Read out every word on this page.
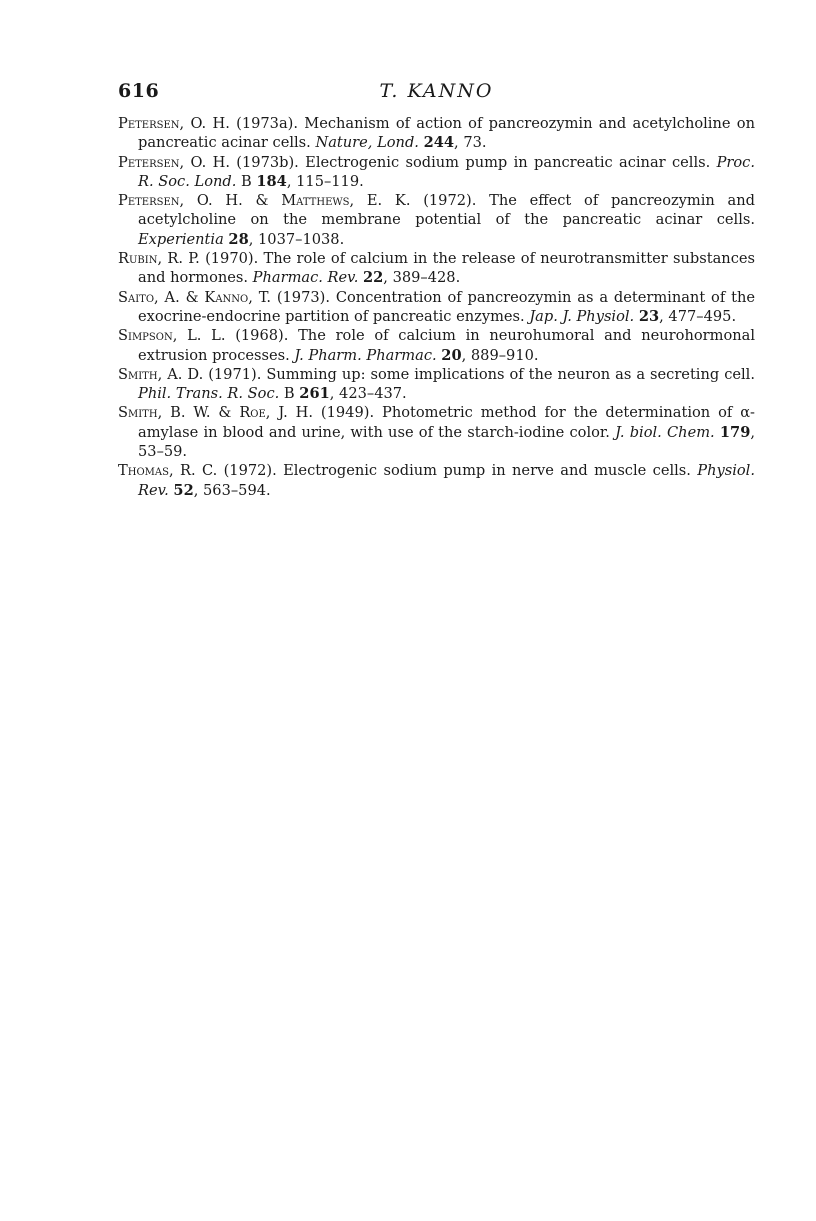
616	T. KANNO

Petersen, O. H. (1973a). Mechanism of action of pancreozymin and acetylcholine on pancreatic acinar cells. Nature, Lond. 244, 73.

Petersen, O. H. (1973b). Electrogenic sodium pump in pancreatic acinar cells. Proc. R. Soc. Lond. B 184, 115–119.

Petersen, O. H. & Matthews, E. K. (1972). The effect of pancreozymin and acetylcholine on the membrane potential of the pancreatic acinar cells. Experientia 28, 1037–1038.

Rubin, R. P. (1970). The role of calcium in the release of neurotransmitter substances and hormones. Pharmac. Rev. 22, 389–428.

Saito, A. & Kanno, T. (1973). Concentration of pancreozymin as a determinant of the exocrine-endocrine partition of pancreatic enzymes. Jap. J. Physiol. 23, 477–495.

Simpson, L. L. (1968). The role of calcium in neurohumoral and neurohormonal extrusion processes. J. Pharm. Pharmac. 20, 889–910.

Smith, A. D. (1971). Summing up: some implications of the neuron as a secreting cell. Phil. Trans. R. Soc. B 261, 423–437.

Smith, B. W. & Roe, J. H. (1949). Photometric method for the determination of α-amylase in blood and urine, with use of the starch-iodine color. J. biol. Chem. 179, 53–59.

Thomas, R. C. (1972). Electrogenic sodium pump in nerve and muscle cells. Physiol. Rev. 52, 563–594.
